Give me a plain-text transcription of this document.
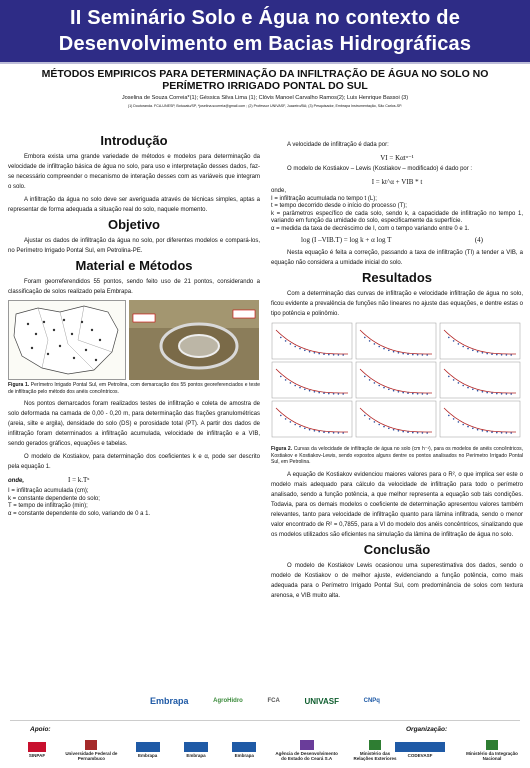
II Seminário Solo e Água no contexto de
Desenvolvimento em Bacias Hidrográficas
MÉTODOS EMPIRICOS PARA DETERMINAÇÃO DA INFILTRAÇÃO DE ÁGUA NO SOLO NO PERÍMETRO IRRIGADO PONTAL DO SUL
Joselina de Souza Correia*(1); Géssica Silva Lima (1); Clóvis Manoel Carvalho Ramos(2); Luis Henrique Bassoi (3)
(1) Doutoranda. FCA-UNESP, Botucatu/SP, *joselina.scorreia@gmail.com ; (2) Professor UNIVASF, Juazeiro/BA; (3) Pesquisador, Embrapa Instrumentação, São Carlos-SP.
Introdução

Embora exista uma grande variedade de métodos e modelos para determinação da velocidade de infiltração básica de água no solo, para uso e interpretação desses dados, faz-se necessário compreender o mecanismo de interação desses com as variáveis que integram o solo.

A infiltração da água no solo deve ser averiguada através de técnicas simples, aptas a representar de forma adequada a situação real do solo, naquele momento.

Objetivo

Ajustar os dados de infiltração da água no solo, por diferentes modelos e compará-los, no Perímetro Irrigado Pontal Sul, em Petrolina-PE.

Material e Métodos

Foram georreferendidos 55 pontos, sendo feito uso de 21 pontos, considerando a classificação de solos realizado pela Embrapa.

Figura 1. Perímetro Irrigado Pontal Sul, em Petrolina, com demarcação dos 55 pontos georeferenciados e teste de infiltração pelo método dos anéis concêntricos.

Nos pontos demarcados foram realizados testes de infiltração e coleta de amostra de solo deformada na camada de 0,00 - 0,20 m, para determinação das frações granulométricas (areia, silte e argila), densidade do solo (DS) e porosidade total (PT). A partir dos dados de infiltração foram determinados a infiltração acumulada, velocidade de infiltração e a VIB, sendo gerados gráficos, equações e tabelas.

O modelo de Kostiakov, para determinação dos coeficientes k e α, pode ser descrito pela equação 1.

onde,	I = k.Tᵅ

I = infiltração acumulada (cm);

k = constante dependente do solo;

T = tempo de infiltração (min);

α = constante dependente do solo, variando de 0 a 1.

A velocidade de infiltração é dada por:

VI = Kαtᵅ⁻¹

O modelo de Kostiakov – Lewis (Kostiakov – modificado) é dado por :

I = kt^α + VIB * t

onde,

I = infiltração acumulada no tempo t (L);

t = tempo decorrido desde o início do processo (T);

k = parâmetros específico de cada solo, sendo k, a capacidade de infiltração no tempo 1, variando em função da umidade do solo, especificamente da superfície.

α = medida da taxa de decréscimo de I, com o tempo variando entre 0 e 1.

log (I –VIB.T) = log k + α log T	(4)

Nesta equação é feita a correção, passando a taxa de infiltração (TI) a tender a VIB, a equação não considera a umidade inicial do solo.

Resultados

Com a determinação das curvas de infiltração e velocidade infiltração de água no solo, ficou evidente a prevalência de funções não lineares no ajuste das equações, e dentre estas o tipo potência e polinômio.

Figura 2. Curvas da velocidade de infiltração de água no solo (cm h⁻¹), para os modelos de anéis concêntricos, Kostiakov e Kostiakov-Lewis, sendo expostos alguns dentre os pontos analisados no Perímetro Irrigado Pontal Sul, em Petrolina.

A equação de Kostiakov evidenciou maiores valores para o R², o que implica ser este o modelo mais adequado para cálculo da velocidade de infiltração para todo o perímetro analisado, sendo a função potência, a que melhor representa a equação sob tais condições. Todavia, para os demais modelos o coeficiente de determinação apresentou valores também relevantes, tanto para velocidade de infiltração quanto para lâmina infiltrada, sendo o menor valor encontrado de R² = 0,7855, para a VI do modelo dos anéis concêntricos, sinalizando que os modelos utilizados são eficientes na simulação da lâmina de infiltração de água no solo.

Conclusão

O modelo de Kostiakov Lewis ocasionou uma superestimativa dos dados, sendo o modelo de Kostiakov o de melhor ajuste, evidenciando a função potência, como mais adequada para o Perímetro Irrigado Pontal Sul, com predominância de solos com textura arenosa, e VIB muito alta.

Embrapa	AgroHidro	FCA	UNIVASF	CNPq
Apoio:	Organização:
SINPAF	Universidade Federal de Pernambuco	Embrapa	Embrapa	Embrapa	Agência de Desenvolvimento do Estado do Ceará S.A
Ministério das Relações Exteriores	CODEVASF	Ministério da Integração Nacional
